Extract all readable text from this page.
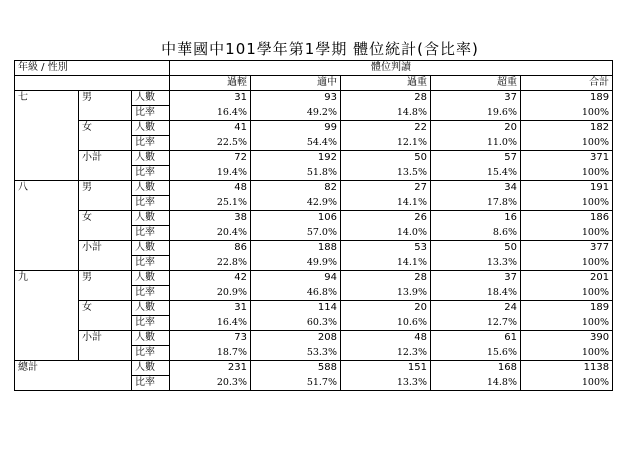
中華國中101學年第1學期 體位統計(含比率)
年級 / 性別			體位判讀				
			過輕	適中	過重	超重	合計
七	男	人數	31	93	28	37	189
		比率	16.4%	49.2%	14.8%	19.6%	100%
	女	人數	41	99	22	20	182
		比率	22.5%	54.4%	12.1%	11.0%	100%
	小計	人數	72	192	50	57	371
		比率	19.4%	51.8%	13.5%	15.4%	100%
八	男	人數	48	82	27	34	191
		比率	25.1%	42.9%	14.1%	17.8%	100%
	女	人數	38	106	26	16	186
		比率	20.4%	57.0%	14.0%	8.6%	100%
	小計	人數	86	188	53	50	377
		比率	22.8%	49.9%	14.1%	13.3%	100%
九	男	人數	42	94	28	37	201
		比率	20.9%	46.8%	13.9%	18.4%	100%
	女	人數	31	114	20	24	189
		比率	16.4%	60.3%	10.6%	12.7%	100%
	小計	人數	73	208	48	61	390
		比率	18.7%	53.3%	12.3%	15.6%	100%
總計		人數	231	588	151	168	1138
		比率	20.3%	51.7%	13.3%	14.8%	100%
